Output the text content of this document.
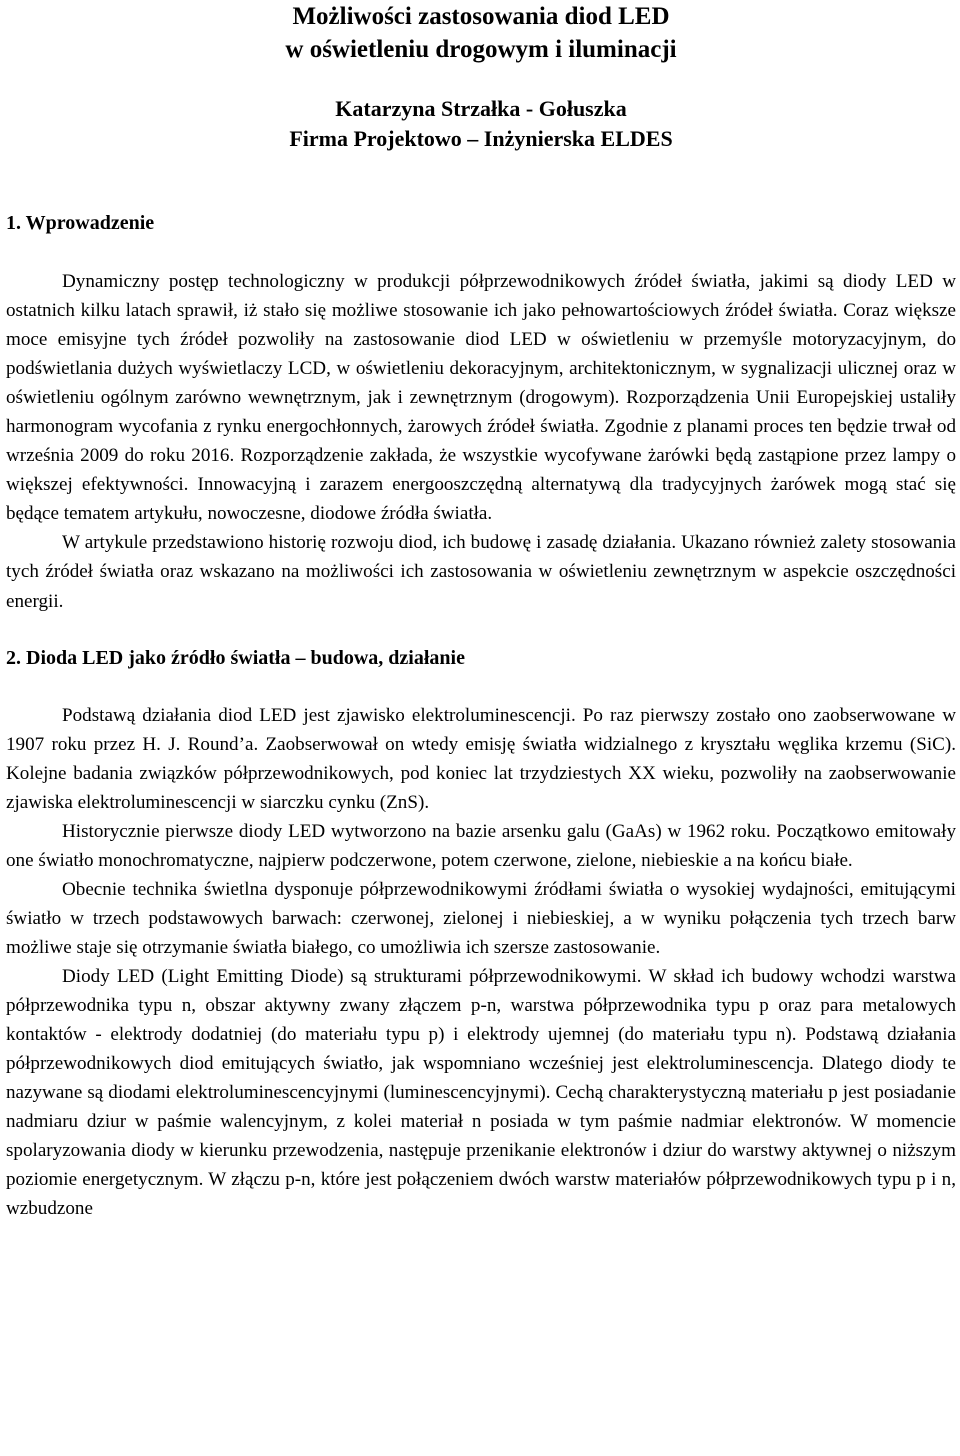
Możliwości zastosowania diod LED
w oświetleniu drogowym i iluminacji
Katarzyna Strzałka - Gołuszka
Firma Projektowo – Inżynierska ELDES
1. Wprowadzenie

Dynamiczny postęp technologiczny w produkcji półprzewodnikowych źródeł światła, jakimi są diody LED w ostatnich kilku latach sprawił, iż stało się możliwe stosowanie ich jako pełnowartościowych źródeł światła. Coraz większe moce emisyjne tych źródeł pozwoliły na zastosowanie diod LED w oświetleniu w przemyśle motoryzacyjnym, do podświetlania dużych wyświetlaczy LCD, w oświetleniu dekoracyjnym, architektonicznym, w sygnalizacji ulicznej oraz w oświetleniu ogólnym zarówno wewnętrznym, jak i zewnętrznym (drogowym). Rozporządzenia Unii Europejskiej ustaliły harmonogram wycofania z rynku energochłonnych, żarowych źródeł światła. Zgodnie z planami proces ten będzie trwał od września 2009 do roku 2016. Rozporządzenie zakłada, że wszystkie wycofywane żarówki będą zastąpione przez lampy o większej efektywności. Innowacyjną i zarazem energooszczędną alternatywą dla tradycyjnych żarówek mogą stać się będące tematem artykułu, nowoczesne, diodowe źródła światła.

W artykule przedstawiono historię rozwoju diod, ich budowę i zasadę działania. Ukazano również zalety stosowania tych źródeł światła oraz wskazano na możliwości ich zastosowania w oświetleniu zewnętrznym w aspekcie oszczędności energii.

2. Dioda LED jako źródło światła – budowa, działanie

Podstawą działania diod LED jest zjawisko elektroluminescencji. Po raz pierwszy zostało ono zaobserwowane w 1907 roku przez H. J. Round’a. Zaobserwował on wtedy emisję światła widzialnego z kryształu węglika krzemu (SiC). Kolejne badania związków półprzewodnikowych, pod koniec lat trzydziestych XX wieku, pozwoliły na zaobserwowanie zjawiska elektroluminescencji w siarczku cynku (ZnS).

Historycznie pierwsze diody LED wytworzono na bazie arsenku galu (GaAs) w 1962 roku. Początkowo emitowały one światło monochromatyczne, najpierw podczerwone, potem czerwone, zielone, niebieskie a na końcu białe.

Obecnie technika świetlna dysponuje półprzewodnikowymi źródłami światła o wysokiej wydajności, emitującymi światło w trzech podstawowych barwach: czerwonej, zielonej i niebieskiej, a w wyniku połączenia tych trzech barw możliwe staje się otrzymanie światła białego, co umożliwia ich szersze zastosowanie.

Diody LED (Light Emitting Diode) są strukturami półprzewodnikowymi. W skład ich budowy wchodzi warstwa półprzewodnika typu n, obszar aktywny zwany złączem p-n, warstwa półprzewodnika typu p oraz para metalowych kontaktów - elektrody dodatniej (do materiału typu p) i elektrody ujemnej (do materiału typu n). Podstawą działania półprzewodnikowych diod emitujących światło, jak wspomniano wcześniej jest elektroluminescencja. Dlatego diody te nazywane są diodami elektroluminescencyjnymi (luminescencyjnymi). Cechą charakterystyczną materiału p jest posiadanie nadmiaru dziur w paśmie walencyjnym, z kolei materiał n posiada w tym paśmie nadmiar elektronów. W momencie spolaryzowania diody w kierunku przewodzenia, następuje przenikanie elektronów i dziur do warstwy aktywnej o niższym poziomie energetycznym. W złączu p-n, które jest połączeniem dwóch warstw materiałów półprzewodnikowych typu p i n, wzbudzone
